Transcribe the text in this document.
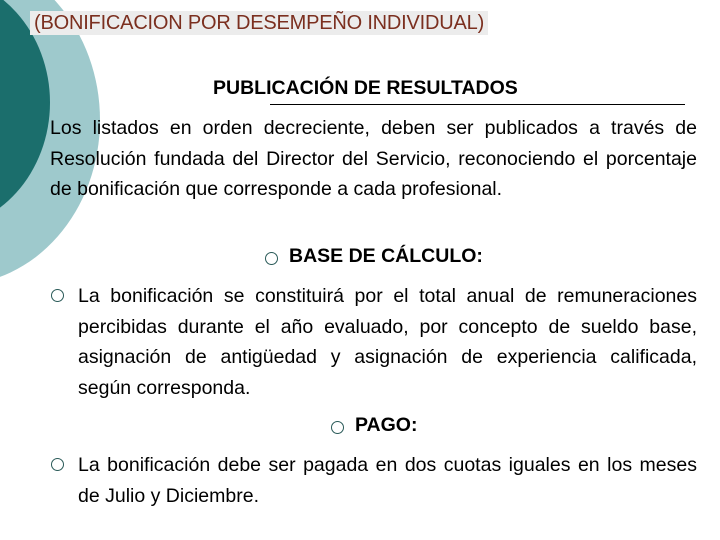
(BONIFICACION POR DESEMPEÑO INDIVIDUAL)
PUBLICACIÓN DE RESULTADOS
Los listados en orden decreciente, deben ser publicados a través de Resolución fundada del Director del Servicio, reconociendo el porcentaje de bonificación que corresponde a cada profesional.
BASE DE CÁLCULO:
La bonificación se constituirá por el total anual de remuneraciones percibidas durante el año evaluado, por concepto de sueldo base, asignación de antigüedad y asignación de experiencia calificada, según corresponda.
PAGO:
La bonificación debe ser pagada en dos cuotas iguales en los meses de Julio y Diciembre.
